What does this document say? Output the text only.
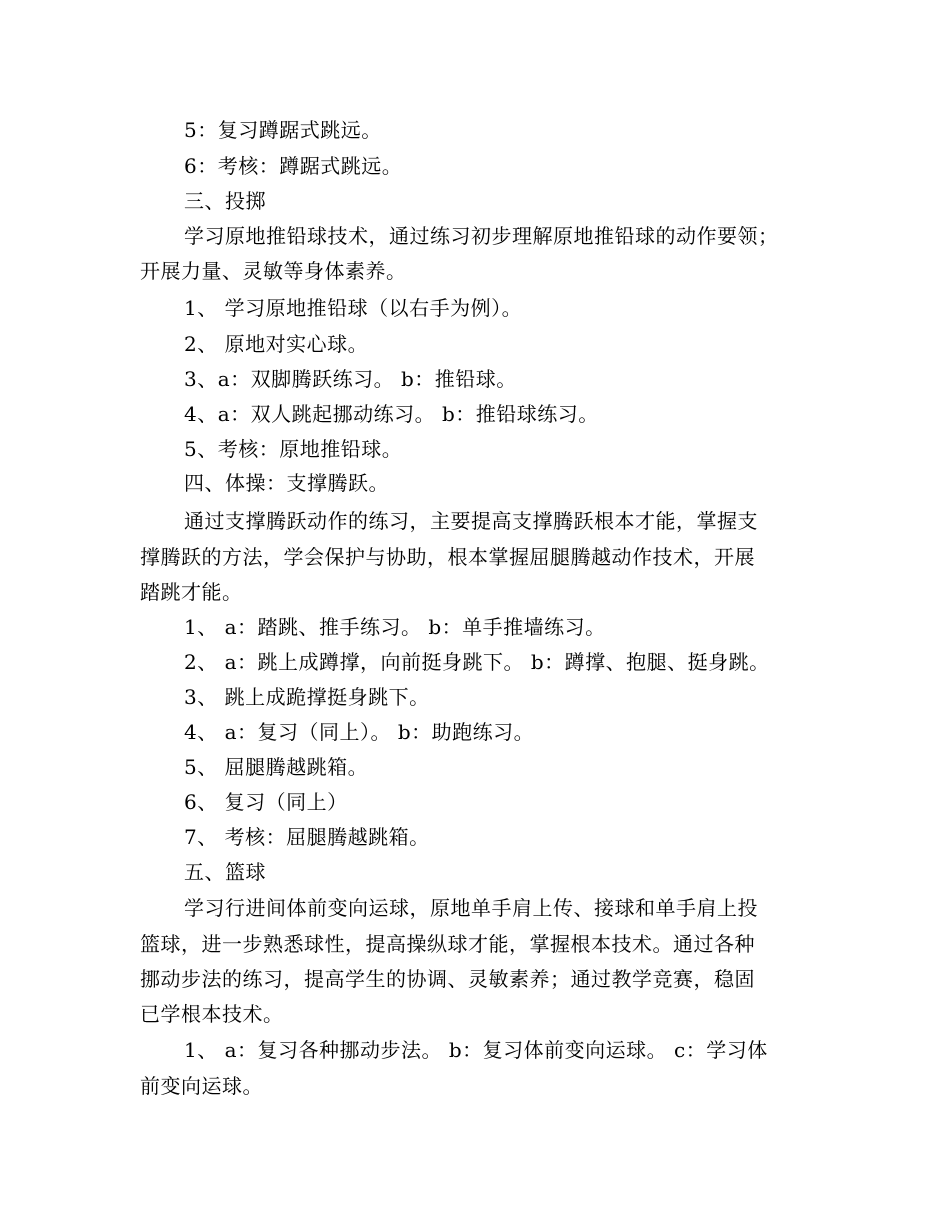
5：复习蹲踞式跳远。
6：考核：蹲踞式跳远。
三、投掷
学习原地推铅球技术，通过练习初步理解原地推铅球的动作要领；
开展力量、灵敏等身体素养。
1、 学习原地推铅球（以右手为例）。
2、 原地对实心球。
3、a：双脚腾跃练习。 b：推铅球。
4、a：双人跳起挪动练习。 b：推铅球练习。
5、考核：原地推铅球。
四、体操：支撑腾跃。
通过支撑腾跃动作的练习，主要提高支撑腾跃根本才能，掌握支
撑腾跃的方法，学会保护与协助，根本掌握屈腿腾越动作技术，开展
踏跳才能。
1、 a：踏跳、推手练习。 b：单手推墙练习。
2、 a：跳上成蹲撑，向前挺身跳下。 b：蹲撑、抱腿、挺身跳。
3、 跳上成跪撑挺身跳下。
4、 a：复习（同上）。 b：助跑练习。
5、 屈腿腾越跳箱。
6、 复习（同上）
7、 考核：屈腿腾越跳箱。
五、篮球
学习行进间体前变向运球，原地单手肩上传、接球和单手肩上投
篮球，进一步熟悉球性，提高操纵球才能，掌握根本技术。通过各种
挪动步法的练习，提高学生的协调、灵敏素养；通过教学竞赛，稳固
已学根本技术。
1、 a：复习各种挪动步法。 b：复习体前变向运球。 c：学习体
前变向运球。
